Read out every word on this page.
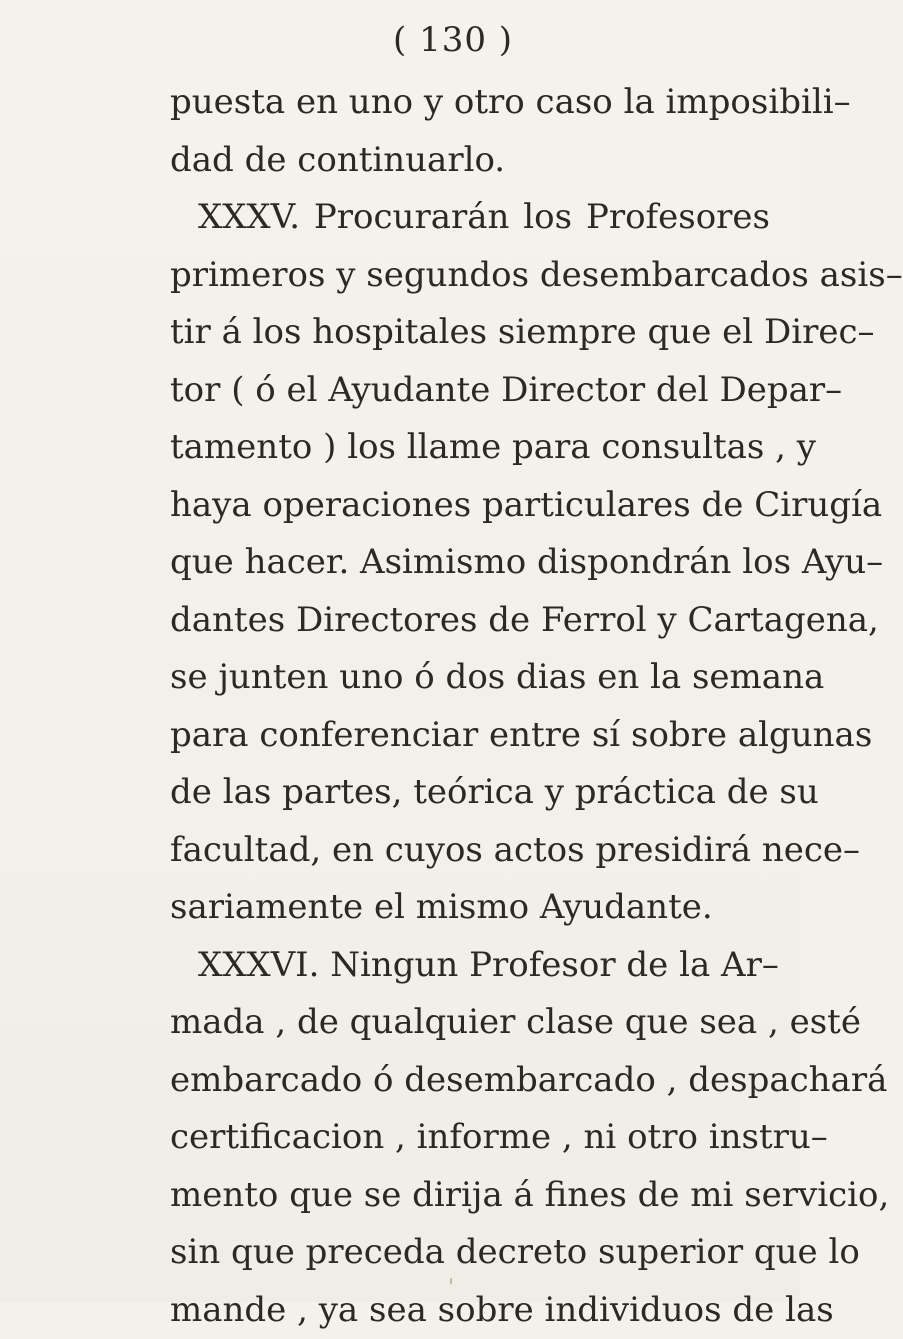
( 130 )
puesta en uno y otro caso la imposibili–
dad de continuarlo.
XXXV. Procurarán los Profesores
primeros y segundos desembarcados asis–
tir á los hospitales siempre que el Direc–
tor ( ó el Ayudante Director del Depar–
tamento ) los llame para consultas , y
haya operaciones particulares de Cirugía
que hacer. Asimismo dispondrán los Ayu–
dantes Directores de Ferrol y Cartagena,
se junten uno ó dos dias en la semana
para conferenciar entre sí sobre algunas
de las partes, teórica y práctica de su
facultad, en cuyos actos presidirá nece–
sariamente el mismo Ayudante.
XXXVI. Ningun Profesor de la Ar–
mada , de qualquier clase que sea , esté
embarcado ó desembarcado , despachará
certificacion , informe , ni otro instru–
mento que se dirija á fines de mi servicio,
sin que preceda decreto superior que lo
mande , ya sea sobre individuos de las
